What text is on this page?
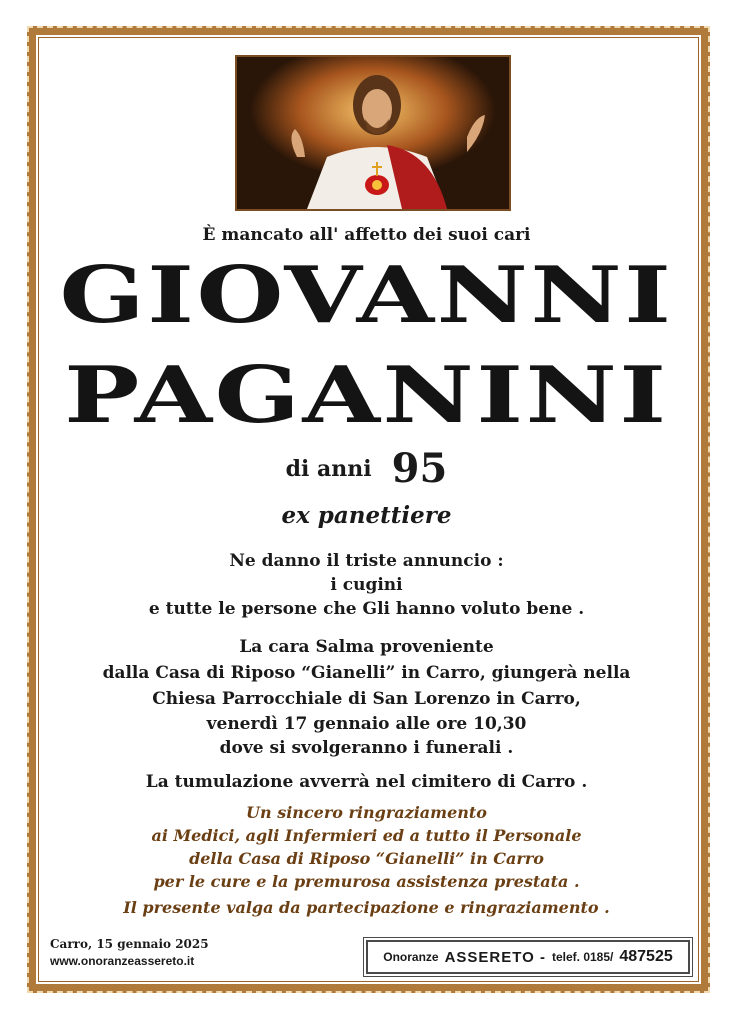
È mancato all' affetto dei suoi cari
GIOVANNI
PAGANINI
di anni 95
ex panettiere
Ne danno il triste annuncio :
i cugini
e tutte le persone che Gli hanno voluto bene .
La cara Salma proveniente
dalla Casa di Riposo “Gianelli” in Carro, giungerà nella
Chiesa Parrocchiale di San Lorenzo in Carro,
venerdì 17 gennaio alle ore 10,30
dove si svolgeranno i funerali .
La tumulazione avverrà nel cimitero di Carro .
Un sincero ringraziamento
ai Medici, agli Infermieri ed a tutto il Personale
della Casa di Riposo “Gianelli” in Carro
per le cure e la premurosa assistenza prestata .
Il presente valga da partecipazione e ringraziamento .
Carro, 15 gennaio 2025
www.onoranzeassereto.it	Onoranze ASSERETO - telef. 0185/ 487525
